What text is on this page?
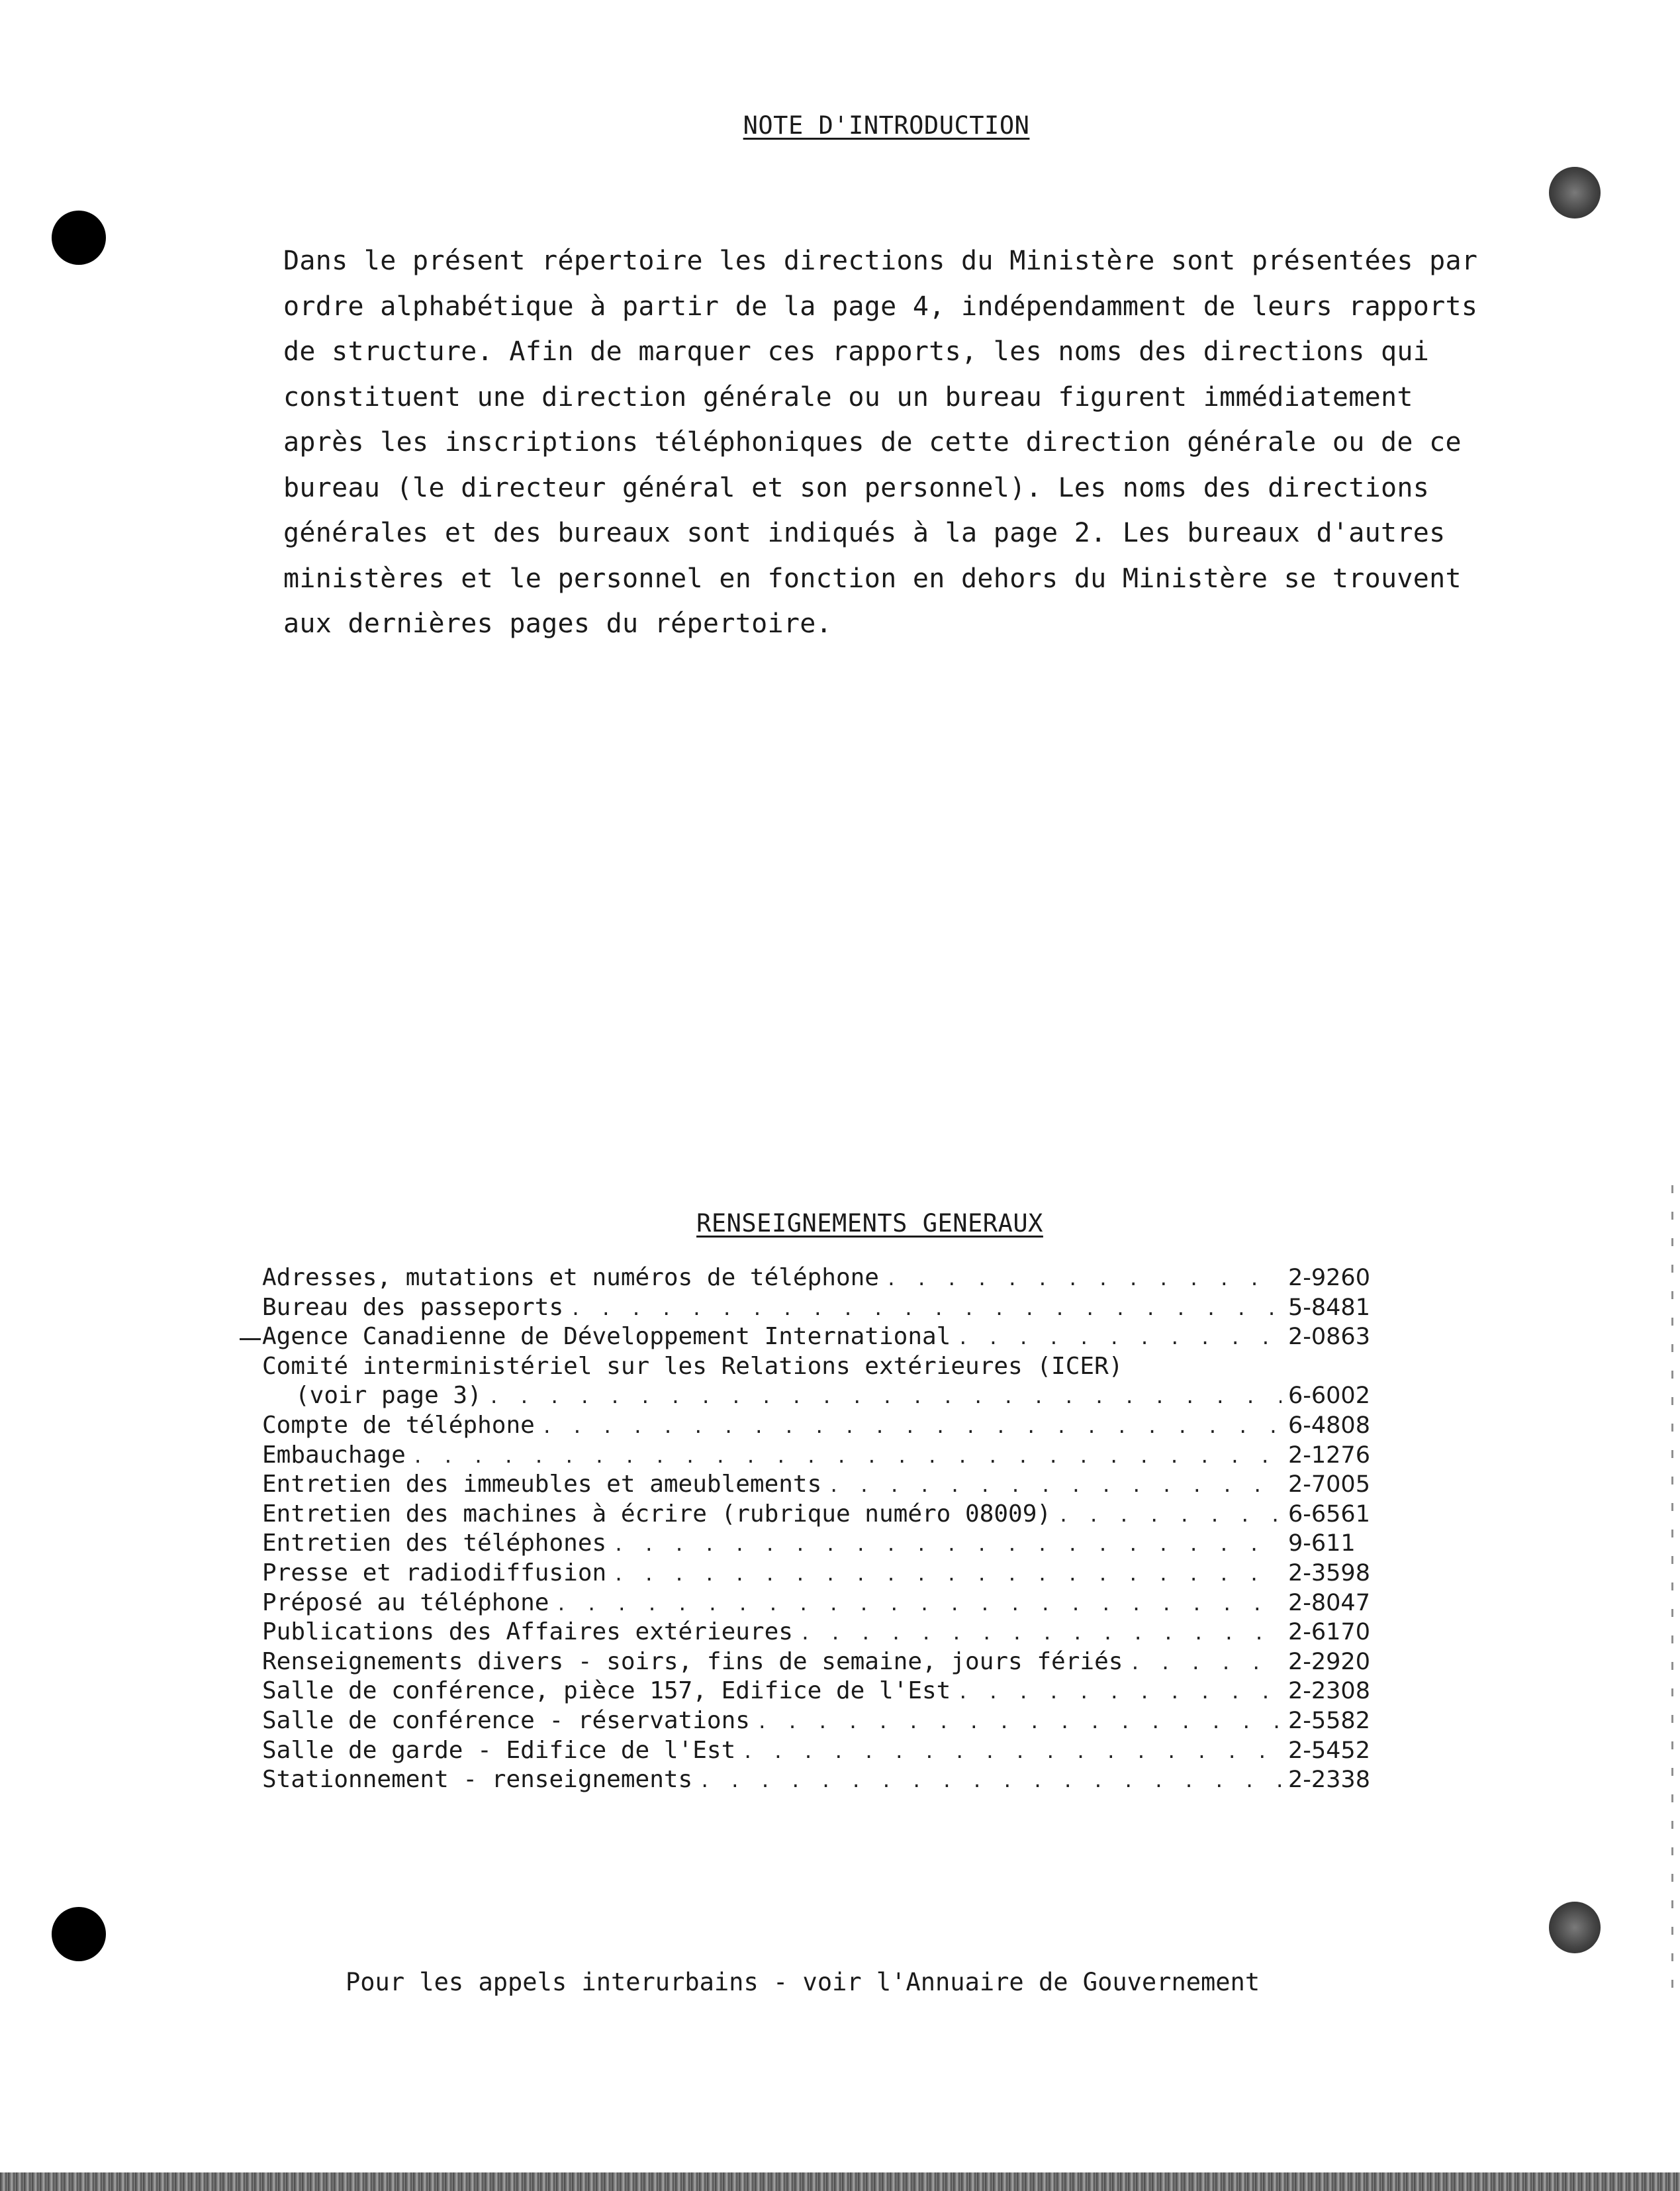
NOTE D'INTRODUCTION

Dans le présent répertoire les directions du Ministère sont présentées par
ordre alphabétique à partir de la page 4, indépendamment de leurs rapports
de structure. Afin de marquer ces rapports, les noms des directions qui
constituent une direction générale ou un bureau figurent immédiatement
après les inscriptions téléphoniques de cette direction générale ou de ce
bureau (le directeur général et son personnel). Les noms des directions
générales et des bureaux sont indiqués à la page 2. Les bureaux d'autres
ministères et le personnel en fonction en dehors du Ministère se trouvent
aux dernières pages du répertoire.

RENSEIGNEMENTS GENERAUX
Adresses, mutations et numéros de téléphone . . .	2-9260
Bureau des passeports . . .	5-8481
Agence Canadienne de Développement International . . .	2-0863
Comité interministériel sur les Relations extérieures (ICER)
(voir page 3) . . .	6-6002
Compte de téléphone . . .	6-4808
Embauchage . . .	2-1276
Entretien des immeubles et ameublements . . .	2-7005
Entretien des machines à écrire (rubrique numéro 08009) . . .	6-6561
Entretien des téléphones . . .	9-611
Presse et radiodiffusion . . .	2-3598
Préposé au téléphone . . .	2-8047
Publications des Affaires extérieures . . .	2-6170
Renseignements divers - soirs, fins de semaine, jours fériés . . .	2-2920
Salle de conférence, pièce 157, Edifice de l'Est . . .	2-2308
Salle de conférence - réservations . . .	2-5582
Salle de garde - Edifice de l'Est . . .	2-5452
Stationnement - renseignements . . .	2-2338
Pour les appels interurbains - voir l'Annuaire de Gouvernement
